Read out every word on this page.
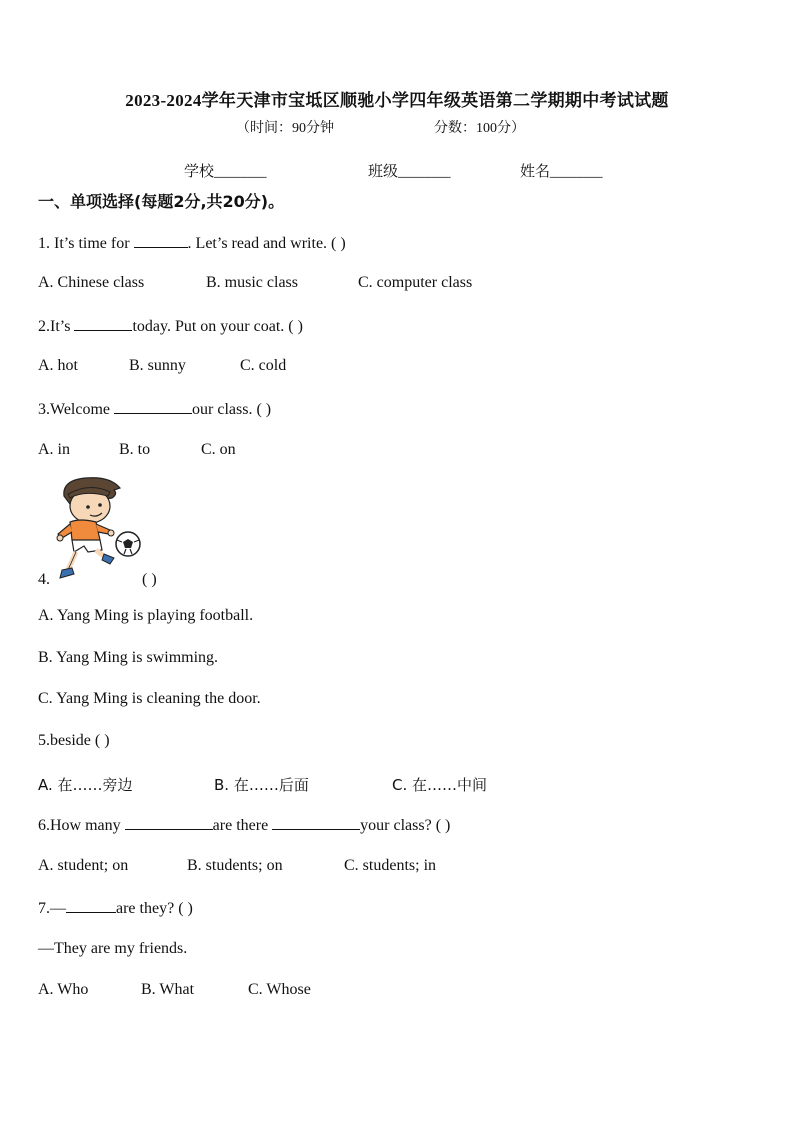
2023-2024学年天津市宝坻区顺驰小学四年级英语第二学期期中考试试题
（时间：90分钟	分数：100分）
学校_______	班级_______	姓名_______
一、单项选择(每题2分,共20分)。
1. It’s time for	. Let’s read and write. ( )
A. Chinese class	B. music class	C. computer class
2.It’s	today. Put on your coat. ( )
A. hot	B. sunny	C. cold
3.Welcome	our class. ( )
A. in	B. to	C. on
4.	( )
A. Yang Ming is playing football.
B. Yang Ming is swimming.
C. Yang Ming is cleaning the door.
5.beside ( )
A. 在……旁边	B. 在……后面	C. 在……中间
6.How many	are there	your class? ( )
A. student; on	B. students; on	C. students; in
7.—	are they? ( )
—They are my friends.
A. Who	B. What	C. Whose
